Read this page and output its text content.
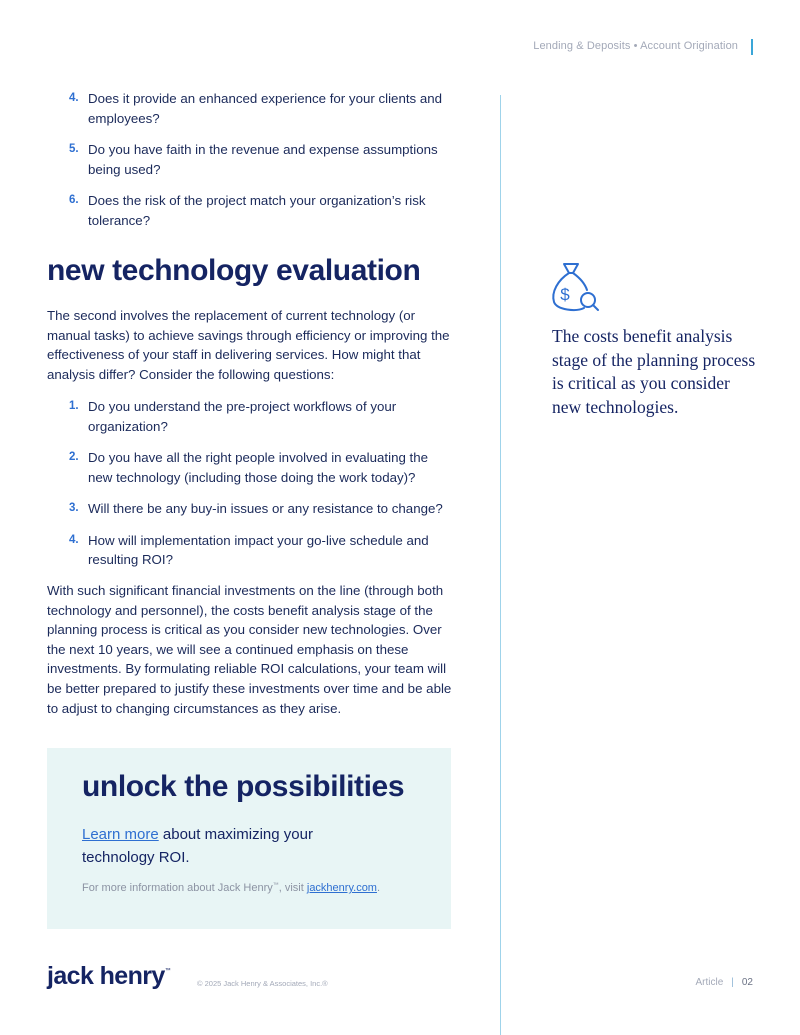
Lending & Deposits • Account Origination
4. Does it provide an enhanced experience for your clients and employees?
5. Do you have faith in the revenue and expense assumptions being used?
6. Does the risk of the project match your organization’s risk tolerance?
new technology evaluation

The second involves the replacement of current technology (or manual tasks) to achieve savings through efficiency or improving the effectiveness of your staff in delivering services. How might that analysis differ? Consider the following questions:

1. Do you understand the pre-project workflows of your organization?
2. Do you have all the right people involved in evaluating the new technology (including those doing the work today)?
3. Will there be any buy-in issues or any resistance to change?
4. How will implementation impact your go-live schedule and resulting ROI?

With such significant financial investments on the line (through both technology and personnel), the costs benefit analysis stage of the planning process is critical as you consider new technologies. Over the next 10 years, we will see a continued emphasis on these investments. By formulating reliable ROI calculations, your team will be better prepared to justify these investments over time and be able to adjust to changing circumstances as they arise.

$
The costs benefit analysis stage of the planning process is critical as you consider new technologies.
unlock the possibilities
Learn more about maximizing your technology ROI.
For more information about Jack Henry™, visit jackhenry.com.
jack henry™
© 2025 Jack Henry & Associates, Inc.®	Article | 02
